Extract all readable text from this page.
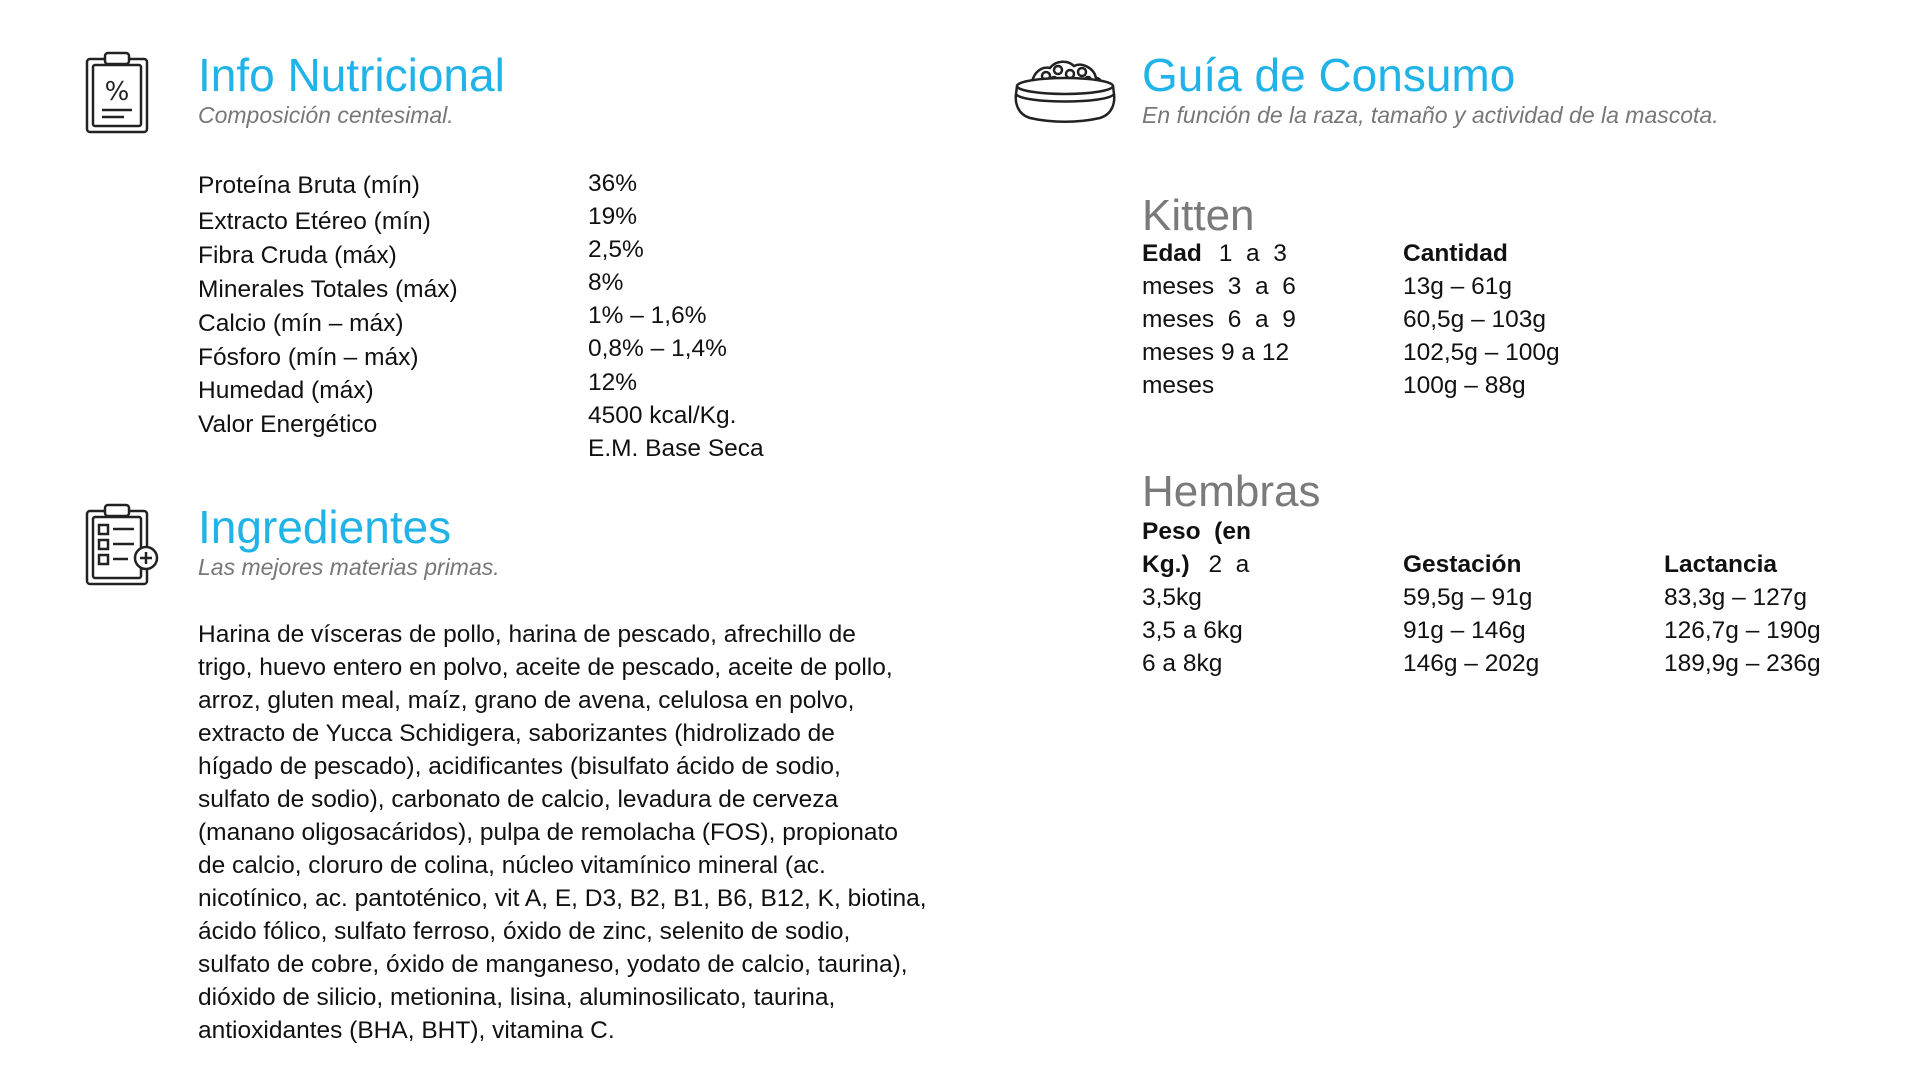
% Info Nutricional
Composición centesimal.
Proteína Bruta (mín)
Extracto Etéreo (mín)
Fibra Cruda (máx)
Minerales Totales (máx)
Calcio (mín – máx)
Fósforo (mín – máx)
Humedad (máx)
Valor Energético
36%
19%
2,5%
8%
1% – 1,6%
0,8% – 1,4%
12%
4500 kcal/Kg.
E.M. Base Seca
Ingredientes
Las mejores materias primas.
Harina de vísceras de pollo, harina de pescado, afrechillo de
trigo, huevo entero en polvo, aceite de pescado, aceite de pollo,
arroz, gluten meal, maíz, grano de avena, celulosa en polvo,
extracto de Yucca Schidigera, saborizantes (hidrolizado de
hígado de pescado), acidificantes (bisulfato ácido de sodio,
sulfato de sodio), carbonato de calcio, levadura de cerveza
(manano oligosacáridos), pulpa de remolacha (FOS), propionato
de calcio, cloruro de colina, núcleo vitamínico mineral (ac.
nicotínico, ac. pantoténico, vit A, E, D3, B2, B1, B6, B12, K, biotina,
ácido fólico, sulfato ferroso, óxido de zinc, selenito de sodio,
sulfato de cobre, óxido de manganeso, yodato de calcio, taurina),
dióxido de silicio, metionina, lisina, aluminosilicato, taurina,
antioxidantes (BHA, BHT), vitamina C.
Guía de Consumo
En función de la raza, tamaño y actividad de la mascota.
Kitten
Edad 1  a  3
meses  3  a  6
meses  6  a  9
meses 9 a 12
meses
Cantidad
13g – 61g
60,5g – 103g
102,5g – 100g
100g – 88g
Hembras
Peso  (en
Kg.) 2  a
3,5kg
3,5 a 6kg
6 a 8kg
Gestación
59,5g – 91g
91g – 146g
146g – 202g
Lactancia
83,3g – 127g
126,7g – 190g
189,9g – 236g
